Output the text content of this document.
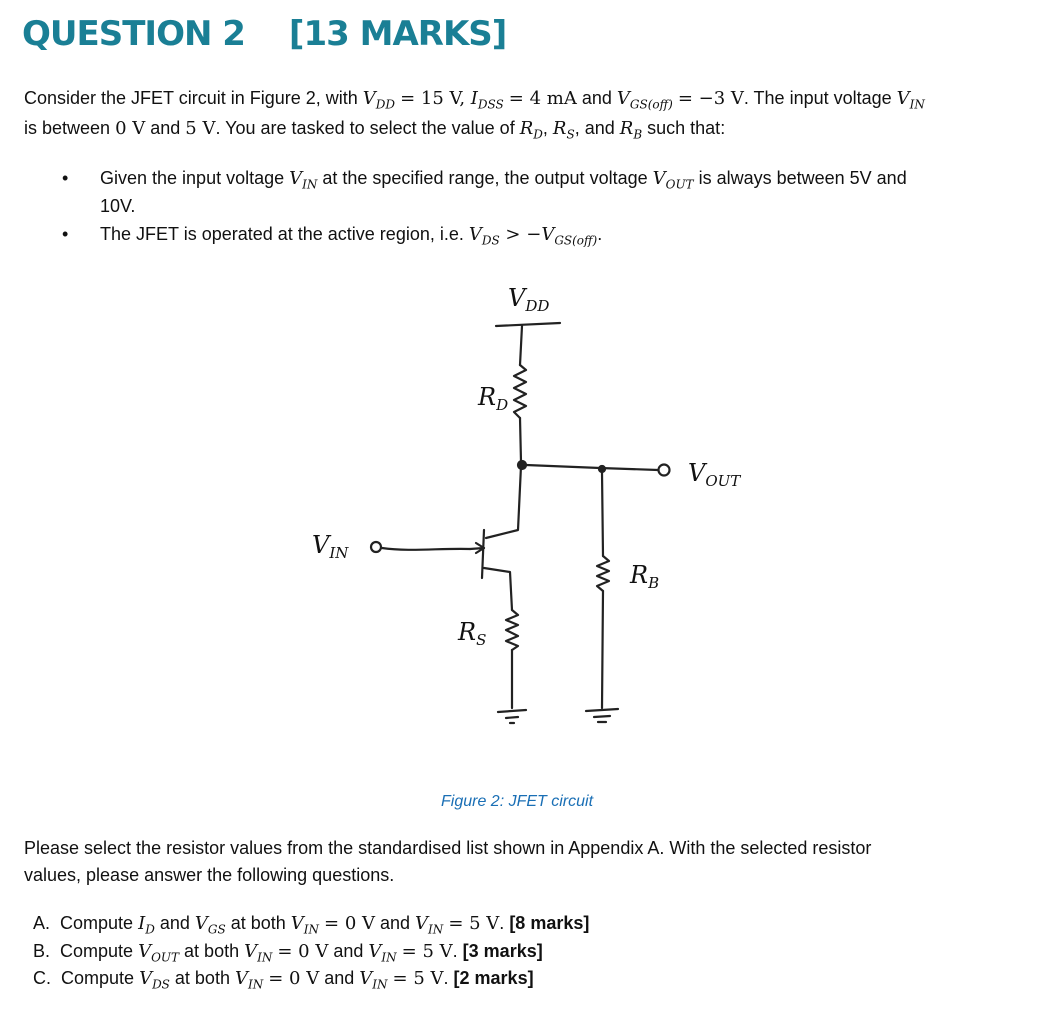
QUESTION 2 [13 MARKS]
Consider the JFET circuit in Figure 2, with $V_{DD} = 15$ V, $I_{DSS} = 4$ mA and $V_{GS(off)} = -3$ V. The input voltage $V_{IN}$
is between 0 V and 5 V. You are tasked to select the value of $R_D$, $R_S$, and $R_B$ such that:
• Given the input voltage $V_{IN}$ at the specified range, the output voltage $V_{OUT}$ is always between 5V and
10V.
• The JFET is operated at the active region, i.e. $V_{DS} > -V_{GS(off)}$.
$V_{DD}$
$R_D$
$V_{OUT}$
$V_{IN}$
$R_B$
$R_S$
Figure 2: JFET circuit
Please select the resistor values from the standardised list shown in Appendix A. With the selected resistor
values, please answer the following questions.
A. Compute $I_D$ and $V_{GS}$ at both $V_{IN} = 0$ V and $V_{IN} = 5$ V. [8 marks]
B. Compute $V_{OUT}$ at both $V_{IN} = 0$ V and $V_{IN} = 5$ V. [3 marks]
C. Compute $V_{DS}$ at both $V_{IN} = 0$ V and $V_{IN} = 5$ V. [2 marks]
